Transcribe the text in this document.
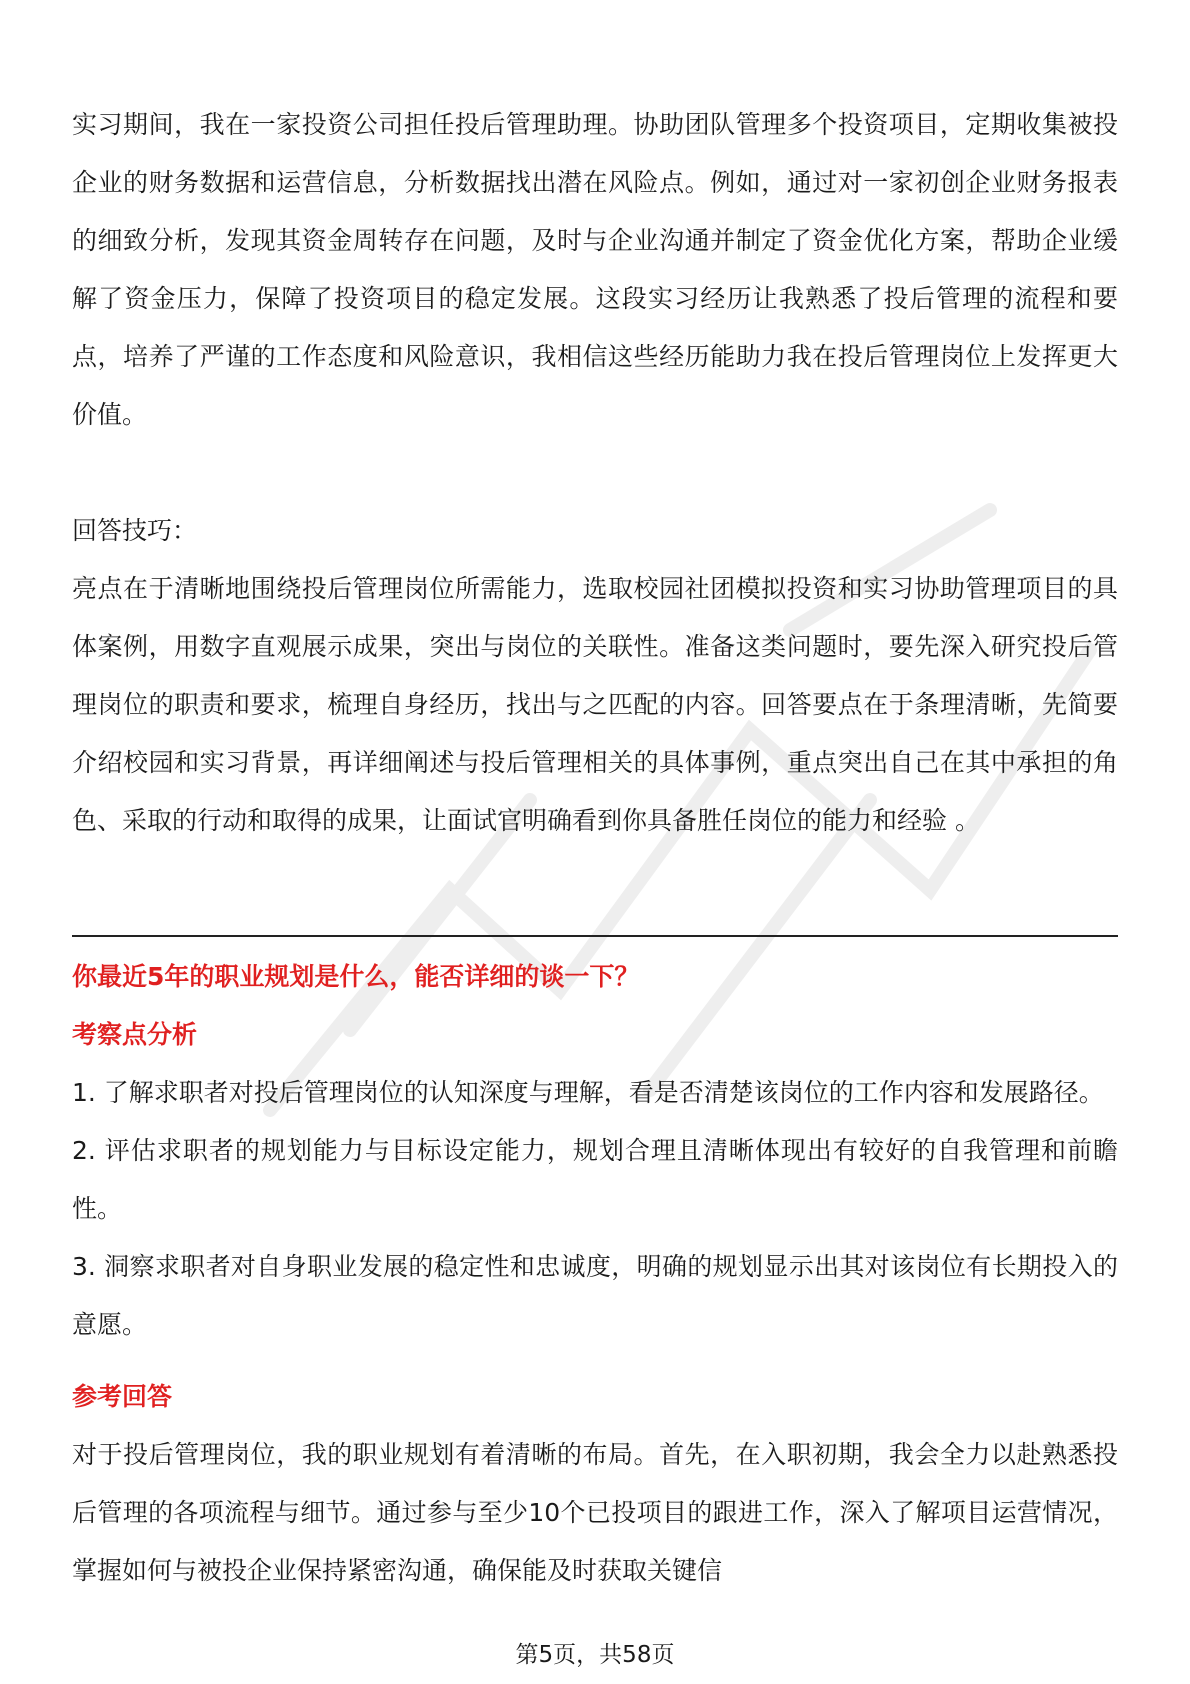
实习期间，我在一家投资公司担任投后管理助理。协助团队管理多个投资项目，定期收集被投企业的财务数据和运营信息，分析数据找出潜在风险点。例如，通过对一家初创企业财务报表的细致分析，发现其资金周转存在问题，及时与企业沟通并制定了资金优化方案，帮助企业缓解了资金压力，保障了投资项目的稳定发展。这段实习经历让我熟悉了投后管理的流程和要点，培养了严谨的工作态度和风险意识，我相信这些经历能助力我在投后管理岗位上发挥更大价值。

回答技巧：

亮点在于清晰地围绕投后管理岗位所需能力，选取校园社团模拟投资和实习协助管理项目的具体案例，用数字直观展示成果，突出与岗位的关联性。准备这类问题时，要先深入研究投后管理岗位的职责和要求，梳理自身经历，找出与之匹配的内容。回答要点在于条理清晰，先简要介绍校园和实习背景，再详细阐述与投后管理相关的具体事例，重点突出自己在其中承担的角色、采取的行动和取得的成果，让面试官明确看到你具备胜任岗位的能力和经验 。

你最近5年的职业规划是什么，能否详细的谈一下？

考察点分析

1. 了解求职者对投后管理岗位的认知深度与理解，看是否清楚该岗位的工作内容和发展路径。

2. 评估求职者的规划能力与目标设定能力，规划合理且清晰体现出有较好的自我管理和前瞻性。

3. 洞察求职者对自身职业发展的稳定性和忠诚度，明确的规划显示出其对该岗位有长期投入的意愿。

参考回答

对于投后管理岗位，我的职业规划有着清晰的布局。首先，在入职初期，我会全力以赴熟悉投后管理的各项流程与细节。通过参与至少10个已投项目的跟进工作，深入了解项目运营情况，掌握如何与被投企业保持紧密沟通，确保能及时获取关键信

第5页，共58页
